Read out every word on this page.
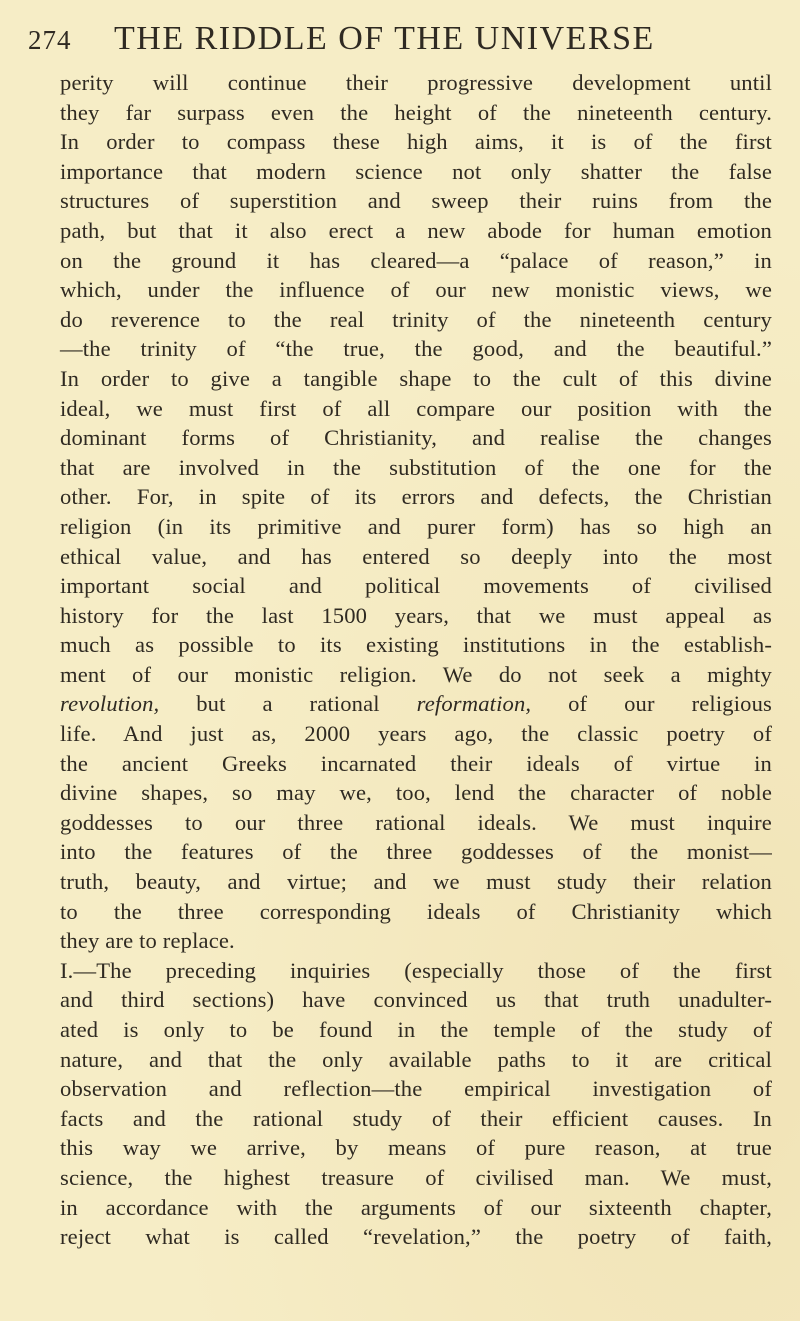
274	THE RIDDLE OF THE UNIVERSE
perity will continue their progressive development until
they far surpass even the height of the nineteenth century.
In order to compass these high aims, it is of the first
importance that modern science not only shatter the false
structures of superstition and sweep their ruins from the
path, but that it also erect a new abode for human emotion
on the ground it has cleared—a “palace of reason,” in
which, under the influence of our new monistic views, we
do reverence to the real trinity of the nineteenth century
—the trinity of “the true, the good, and the beautiful.”
In order to give a tangible shape to the cult of this divine
ideal, we must first of all compare our position with the
dominant forms of Christianity, and realise the changes
that are involved in the substitution of the one for the
other. For, in spite of its errors and defects, the Christian
religion (in its primitive and purer form) has so high an
ethical value, and has entered so deeply into the most
important social and political movements of civilised
history for the last 1500 years, that we must appeal as
much as possible to its existing institutions in the establish-
ment of our monistic religion. We do not seek a mighty
revolution, but a rational reformation, of our religious
life. And just as, 2000 years ago, the classic poetry of
the ancient Greeks incarnated their ideals of virtue in
divine shapes, so may we, too, lend the character of noble
goddesses to our three rational ideals. We must inquire
into the features of the three goddesses of the monist—
truth, beauty, and virtue; and we must study their relation
to the three corresponding ideals of Christianity which
they are to replace.
I.—The preceding inquiries (especially those of the first
and third sections) have convinced us that truth unadulter-
ated is only to be found in the temple of the study of
nature, and that the only available paths to it are critical
observation and reflection—the empirical investigation of
facts and the rational study of their efficient causes. In
this way we arrive, by means of pure reason, at true
science, the highest treasure of civilised man. We must,
in accordance with the arguments of our sixteenth chapter,
reject what is called “revelation,” the poetry of faith,
